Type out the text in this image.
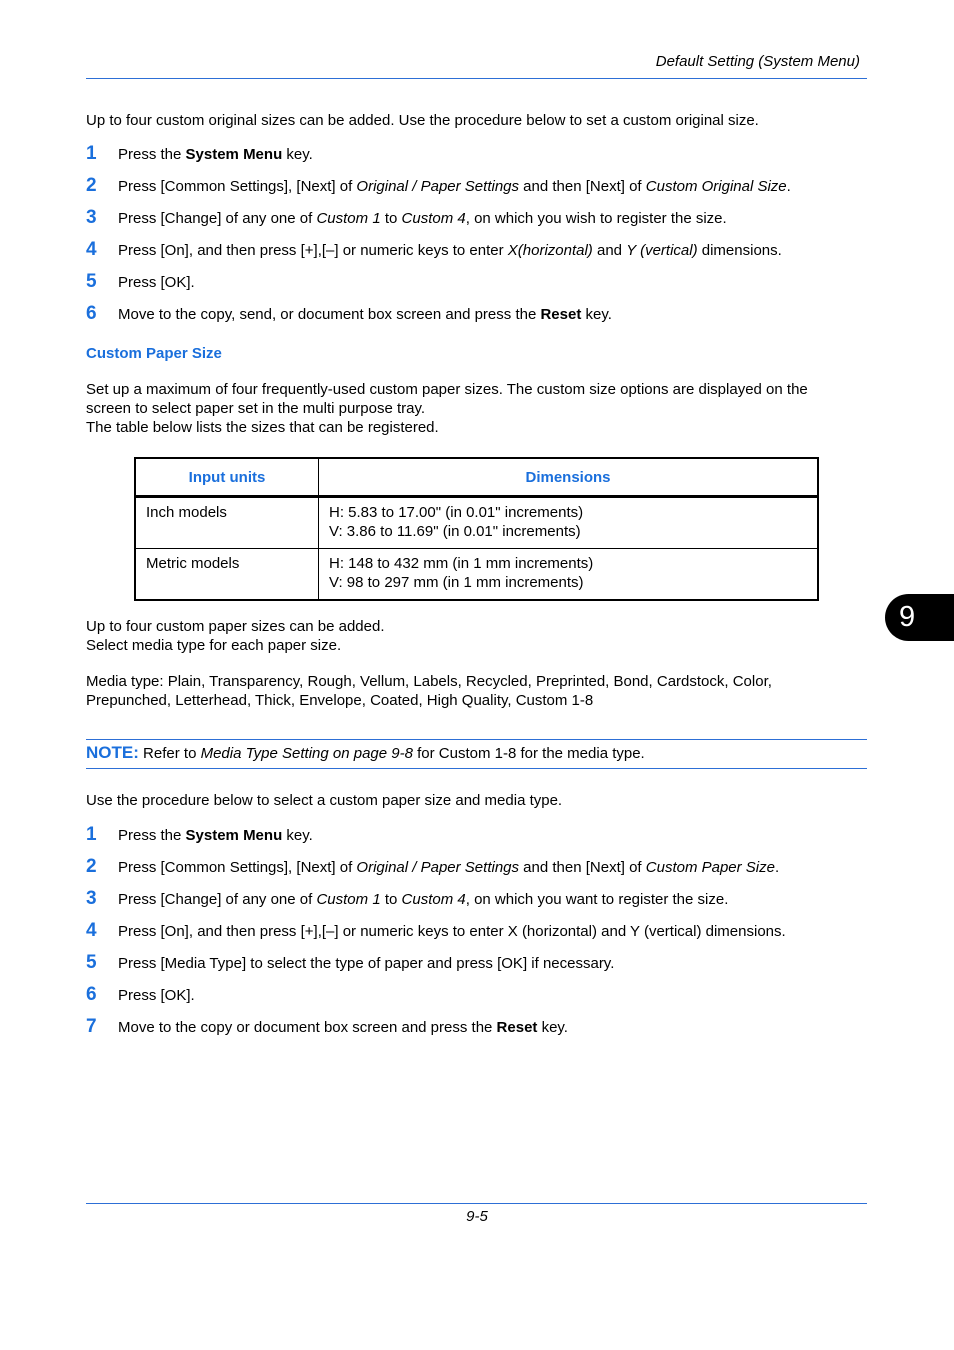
Default Setting (System Menu)
Up to four custom original sizes can be added. Use the procedure below to set a custom original size.
1 Press the System Menu key.
2 Press [Common Settings], [Next] of Original / Paper Settings and then [Next] of Custom Original Size.
3 Press [Change] of any one of Custom 1 to Custom 4, on which you wish to register the size.
4 Press [On], and then press [+],[–] or numeric keys to enter X(horizontal) and Y (vertical) dimensions.
5 Press [OK].
6 Move to the copy, send, or document box screen and press the Reset key.
Custom Paper Size

Set up a maximum of four frequently-used custom paper sizes. The custom size options are displayed on the

screen to select paper set in the multi purpose tray.

The table below lists the sizes that can be registered.

Input units	Dimensions
Inch models	H: 5.83 to 17.00" (in 0.01" increments)
V: 3.86 to 11.69" (in 0.01" increments)

Metric models	H: 148 to 432 mm (in 1 mm increments)
V: 98 to 297 mm (in 1 mm increments)

Up to four custom paper sizes can be added.

Select media type for each paper size.

Media type: Plain, Transparency, Rough, Vellum, Labels, Recycled, Preprinted, Bond, Cardstock, Color,

Prepunched, Letterhead, Thick, Envelope, Coated, High Quality, Custom 1-8

NOTE: Refer to Media Type Setting on page 9-8 for Custom 1-8 for the media type.
Use the procedure below to select a custom paper size and media type.
1 Press the System Menu key.
2 Press [Common Settings], [Next] of Original / Paper Settings and then [Next] of Custom Paper Size.
3 Press [Change] of any one of Custom 1 to Custom 4, on which you want to register the size.
4 Press [On], and then press [+],[–] or numeric keys to enter X (horizontal) and Y (vertical) dimensions.
5 Press [Media Type] to select the type of paper and press [OK] if necessary.
6 Press [OK].
7 Move to the copy or document box screen and press the Reset key.
9
9-5
